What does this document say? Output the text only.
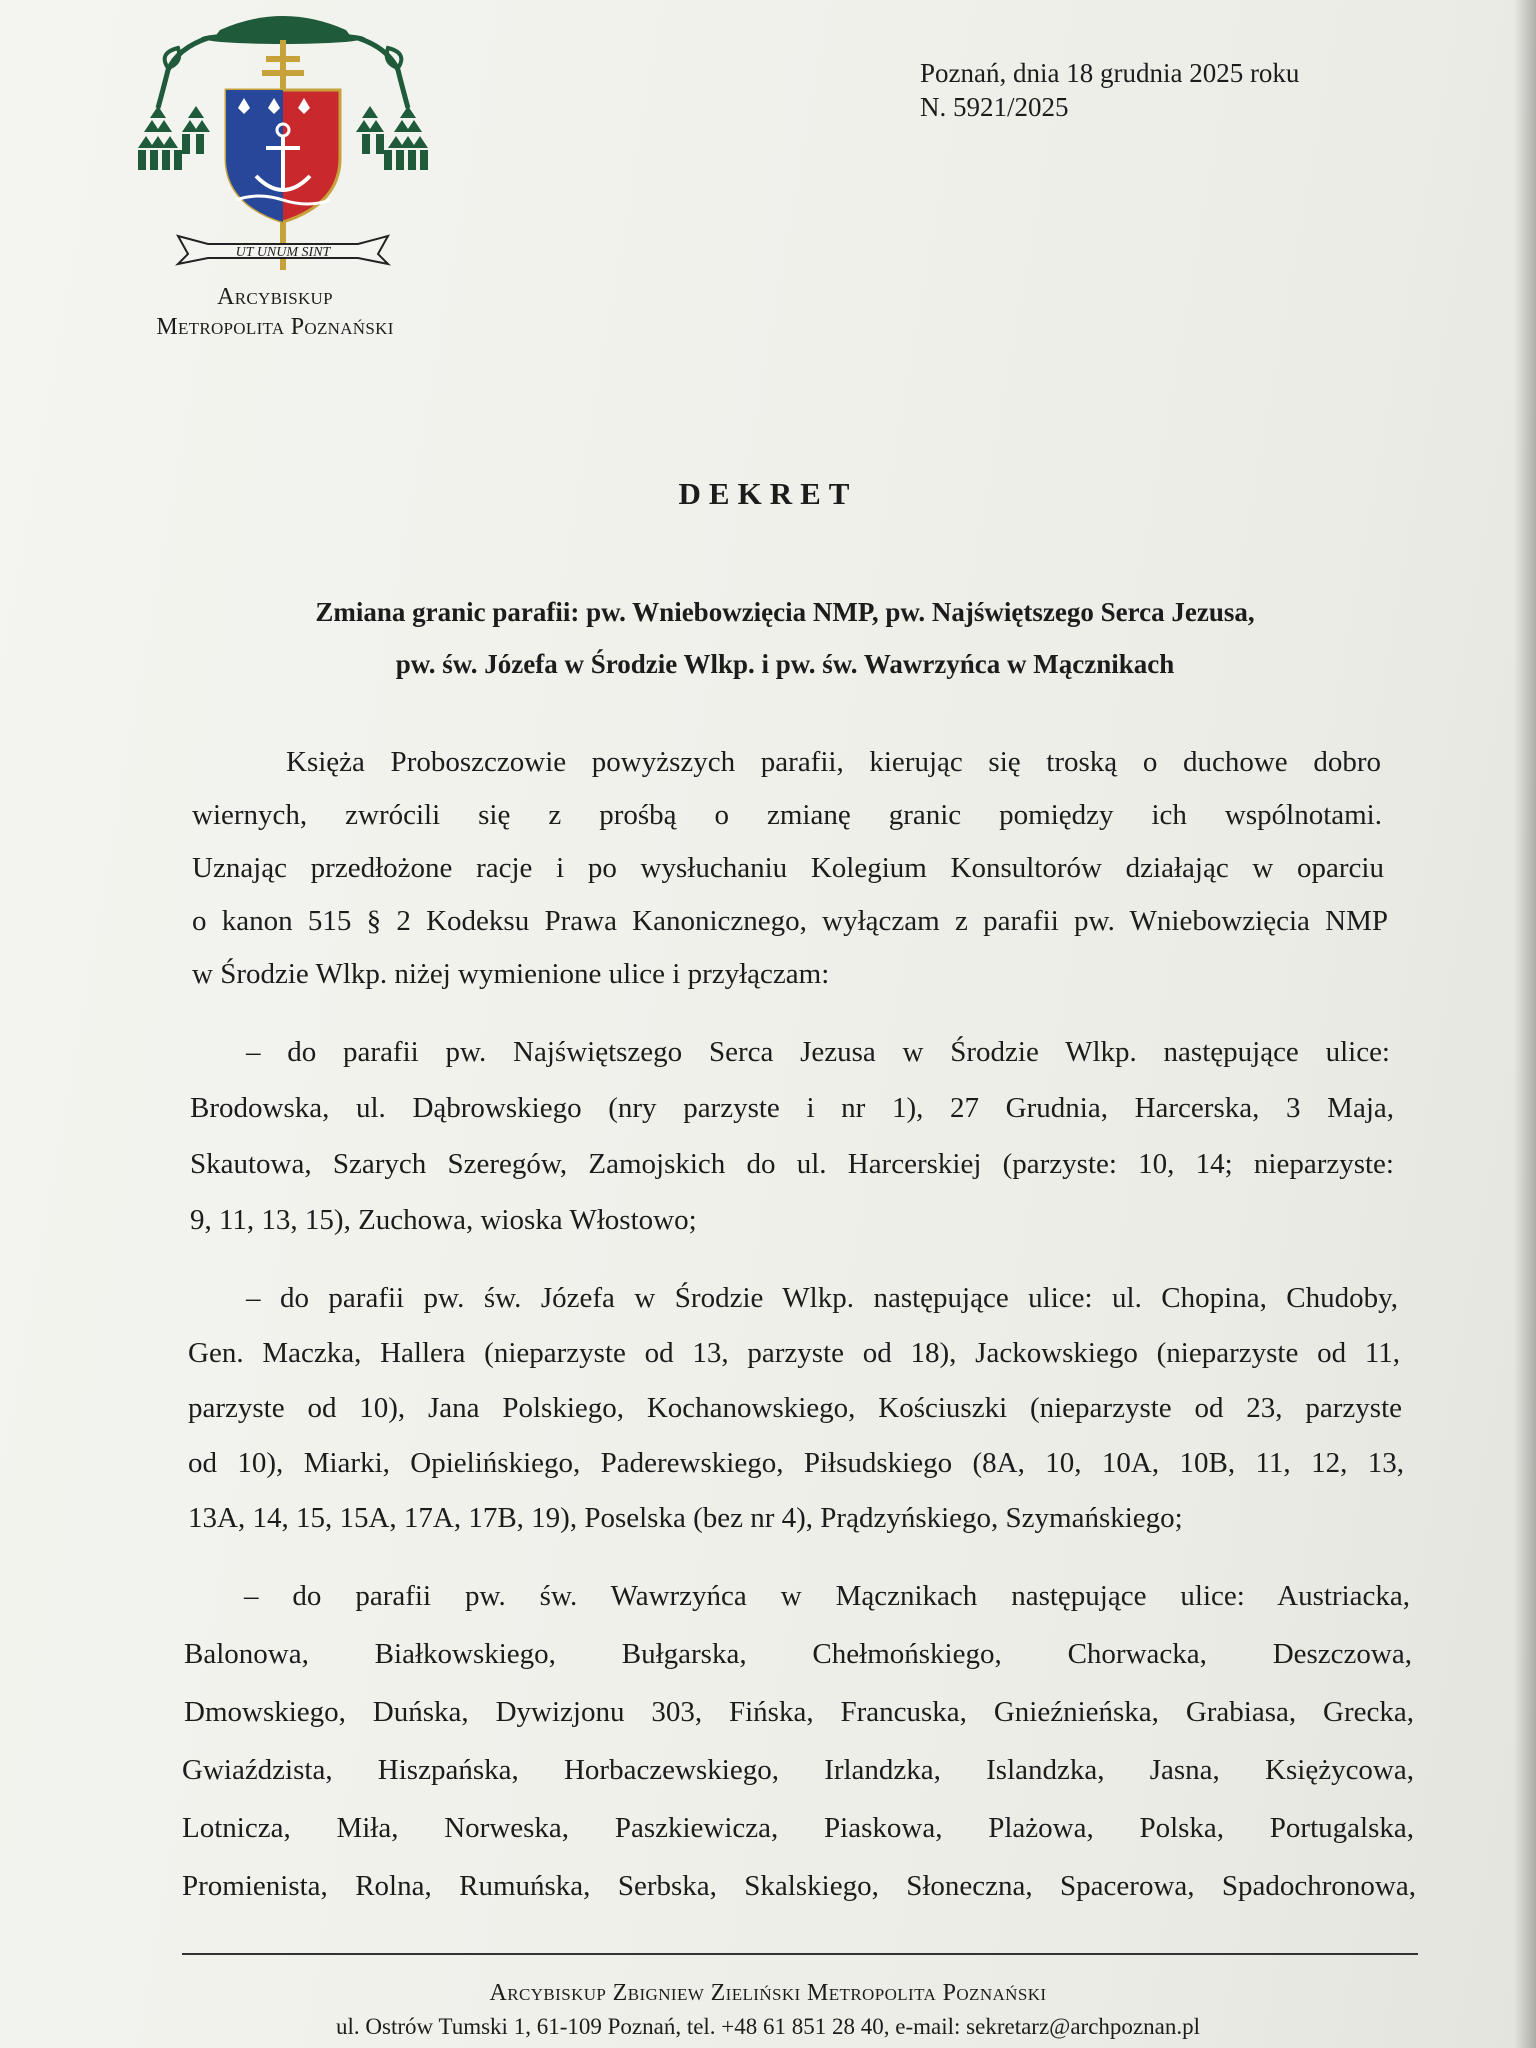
UT UNUM SINT
Arcybiskup
Metropolita Poznański
Poznań, dnia 18 grudnia 2025 roku
N. 5921/2025
DEKRET
Zmiana granic parafii: pw. Wniebowzięcia NMP, pw. Najświętszego Serca Jezusa,
pw. św. Józefa w Środzie Wlkp. i pw. św. Wawrzyńca w Mącznikach
Księża Proboszczowie powyższych parafii, kierując się troską o duchowe dobro
wiernych, zwrócili się z prośbą o zmianę granic pomiędzy ich wspólnotami.
Uznając przedłożone racje i po wysłuchaniu Kolegium Konsultorów działając w oparciu
o kanon 515 § 2 Kodeksu Prawa Kanonicznego, wyłączam z parafii pw. Wniebowzięcia NMP
w Środzie Wlkp. niżej wymienione ulice i przyłączam:
– do parafii pw. Najświętszego Serca Jezusa w Środzie Wlkp. następujące ulice:
Brodowska, ul. Dąbrowskiego (nry parzyste i nr 1), 27 Grudnia, Harcerska, 3 Maja,
Skautowa, Szarych Szeregów, Zamojskich do ul. Harcerskiej (parzyste: 10, 14; nieparzyste:
9, 11, 13, 15), Zuchowa, wioska Włostowo;
– do parafii pw. św. Józefa w Środzie Wlkp. następujące ulice: ul. Chopina, Chudoby,
Gen. Maczka, Hallera (nieparzyste od 13, parzyste od 18), Jackowskiego (nieparzyste od 11,
parzyste od 10), Jana Polskiego, Kochanowskiego, Kościuszki (nieparzyste od 23, parzyste
od 10), Miarki, Opielińskiego, Paderewskiego, Piłsudskiego (8A, 10, 10A, 10B, 11, 12, 13,
13A, 14, 15, 15A, 17A, 17B, 19), Poselska (bez nr 4), Prądzyńskiego, Szymańskiego;
– do parafii pw. św. Wawrzyńca w Mącznikach następujące ulice: Austriacka,
Balonowa, Białkowskiego, Bułgarska, Chełmońskiego, Chorwacka, Deszczowa,
Dmowskiego, Duńska, Dywizjonu 303, Fińska, Francuska, Gnieźnieńska, Grabiasa, Grecka,
Gwiaździsta, Hiszpańska, Horbaczewskiego, Irlandzka, Islandzka, Jasna, Księżycowa,
Lotnicza, Miła, Norweska, Paszkiewicza, Piaskowa, Plażowa, Polska, Portugalska,
Promienista, Rolna, Rumuńska, Serbska, Skalskiego, Słoneczna, Spacerowa, Spadochronowa,
Arcybiskup Zbigniew Zieliński Metropolita Poznański
ul. Ostrów Tumski 1, 61-109 Poznań, tel. +48 61 851 28 40, e-mail: sekretarz@archpoznan.pl
